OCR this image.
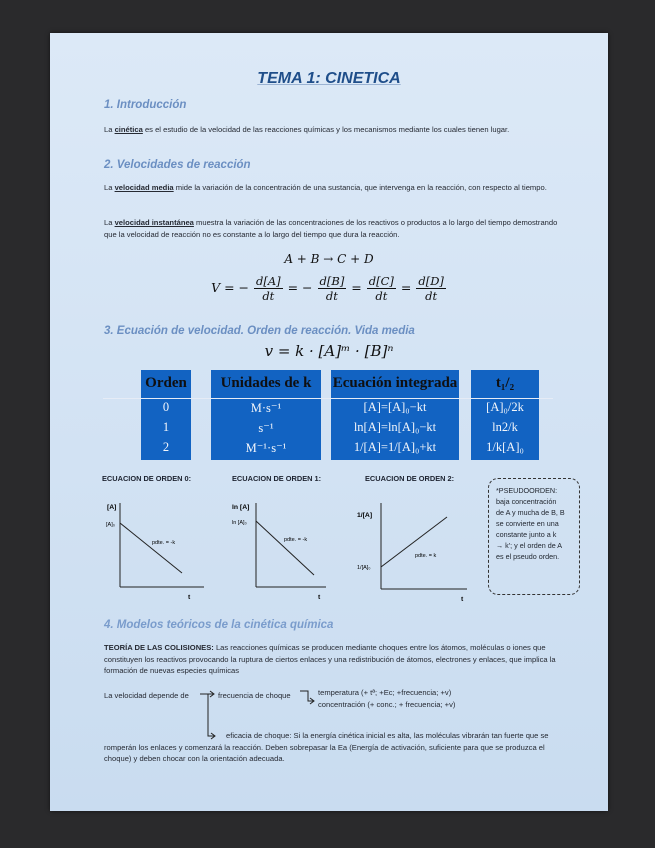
TEMA 1: CINETICA
1. Introducción
La cinética es el estudio de la velocidad de las reacciones químicas y los mecanismos mediante los cuales tienen lugar.
2. Velocidades de reacción
La velocidad media mide la variación de la concentración de una sustancia, que intervenga en la reacción, con respecto al tiempo.
La velocidad instantánea muestra la variación de las concentraciones de los reactivos o productos a lo largo del tiempo demostrando que la velocidad de reacción no es constante a lo largo del tiempo que dura la reacción.
A + B → C + D
V = − $\frac{d[A]}{dt}$ = − $\frac{d[B]}{dt} = \frac{d[C]}{dt} = \frac{d[D]}{dt}$
3. Ecuación de velocidad. Orden de reacción. Vida media
v = k · [A]ᵐ · [B]ⁿ
Orden	Unidades de k	Ecuación integrada	t₁/₂
0	M·s⁻¹	[A]=[A]₀−kt	[A]₀/2k
1	s⁻¹	ln[A]=ln[A]₀−kt	ln2/k
2	M⁻¹·s⁻¹	1/[A]=1/[A]₀+kt	1/k[A]₀
ECUACION DE ORDEN 0:	ECUACION DE ORDEN 1:	ECUACION DE ORDEN 2:
[A]
[A]₀
pdte. = -k
t
ln [A]
ln [A]₀
pdte. = -k
t
1/[A]
1/[A]₀
pdte. = k
t
*PSEUDOORDEN:
baja concentración
de A y mucha de B, B
se convierte en una
constante junto a k
→ k'; y el orden de A
es el pseudo orden.
4. Modelos teóricos de la cinética química
TEORÍA DE LAS COLISIONES: Las reacciones químicas se producen mediante choques entre los átomos, moléculas o iones que constituyen los reactivos provocando la ruptura de ciertos enlaces y una redistribución de átomos, electrones y enlaces, que implica la formación de nuevas especies químicas
La velocidad depende de	frecuencia de choque	temperatura (+ tª; +Ec; +frecuencia; +v)
concentración (+ conc.; + frecuencia; +v)
eficacia de choque: Si la energía cinética inicial es alta, las moléculas vibrarán tan fuerte que se romperán los enlaces y comenzará la reacción. Deben sobrepasar la Ea (Energía de activación, suficiente para que se produzca el choque) y deben chocar con la orientación adecuada.
